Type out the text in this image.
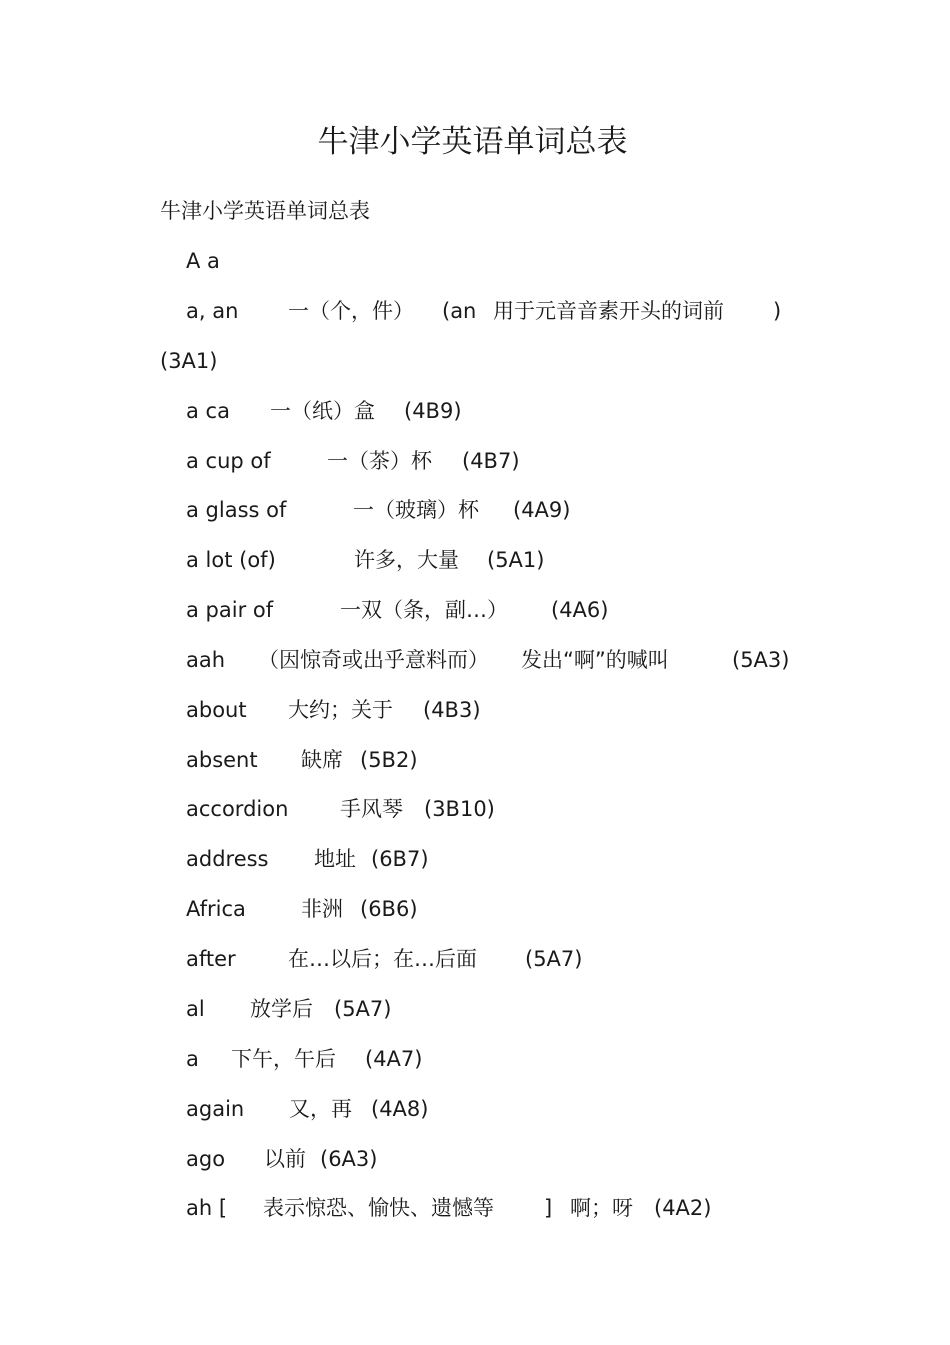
牛津小学英语单词总表
牛津小学英语单词总表
A a
a, an 一（个，件） (an 用于元音音素开头的词前 )
(3A1)
a ca 一（纸）盒 (4B9)
a cup of	一（茶）杯 (4B7)
a glass of	一（玻璃）杯 (4A9)
a lot (of)	许多，大量 (5A1)
a pair of	一双（条，副…） (4A6)
aah （因惊奇或出乎意料而） 发出“啊”的喊叫	(5A3)
about 大约；关于 (4B3)
absent 缺席 (5B2)
accordion 手风琴 (3B10)
address 地址 (6B7)
Africa	非洲 (6B6)
after 在…以后；在…后面 (5A7)
al 放学后 (5A7)
a 下午，午后 (4A7)
again 又，再 (4A8)
ago 以前 (6A3)
ah [ 表示惊恐、愉快、遗憾等 ] 啊；呀 (4A2)
